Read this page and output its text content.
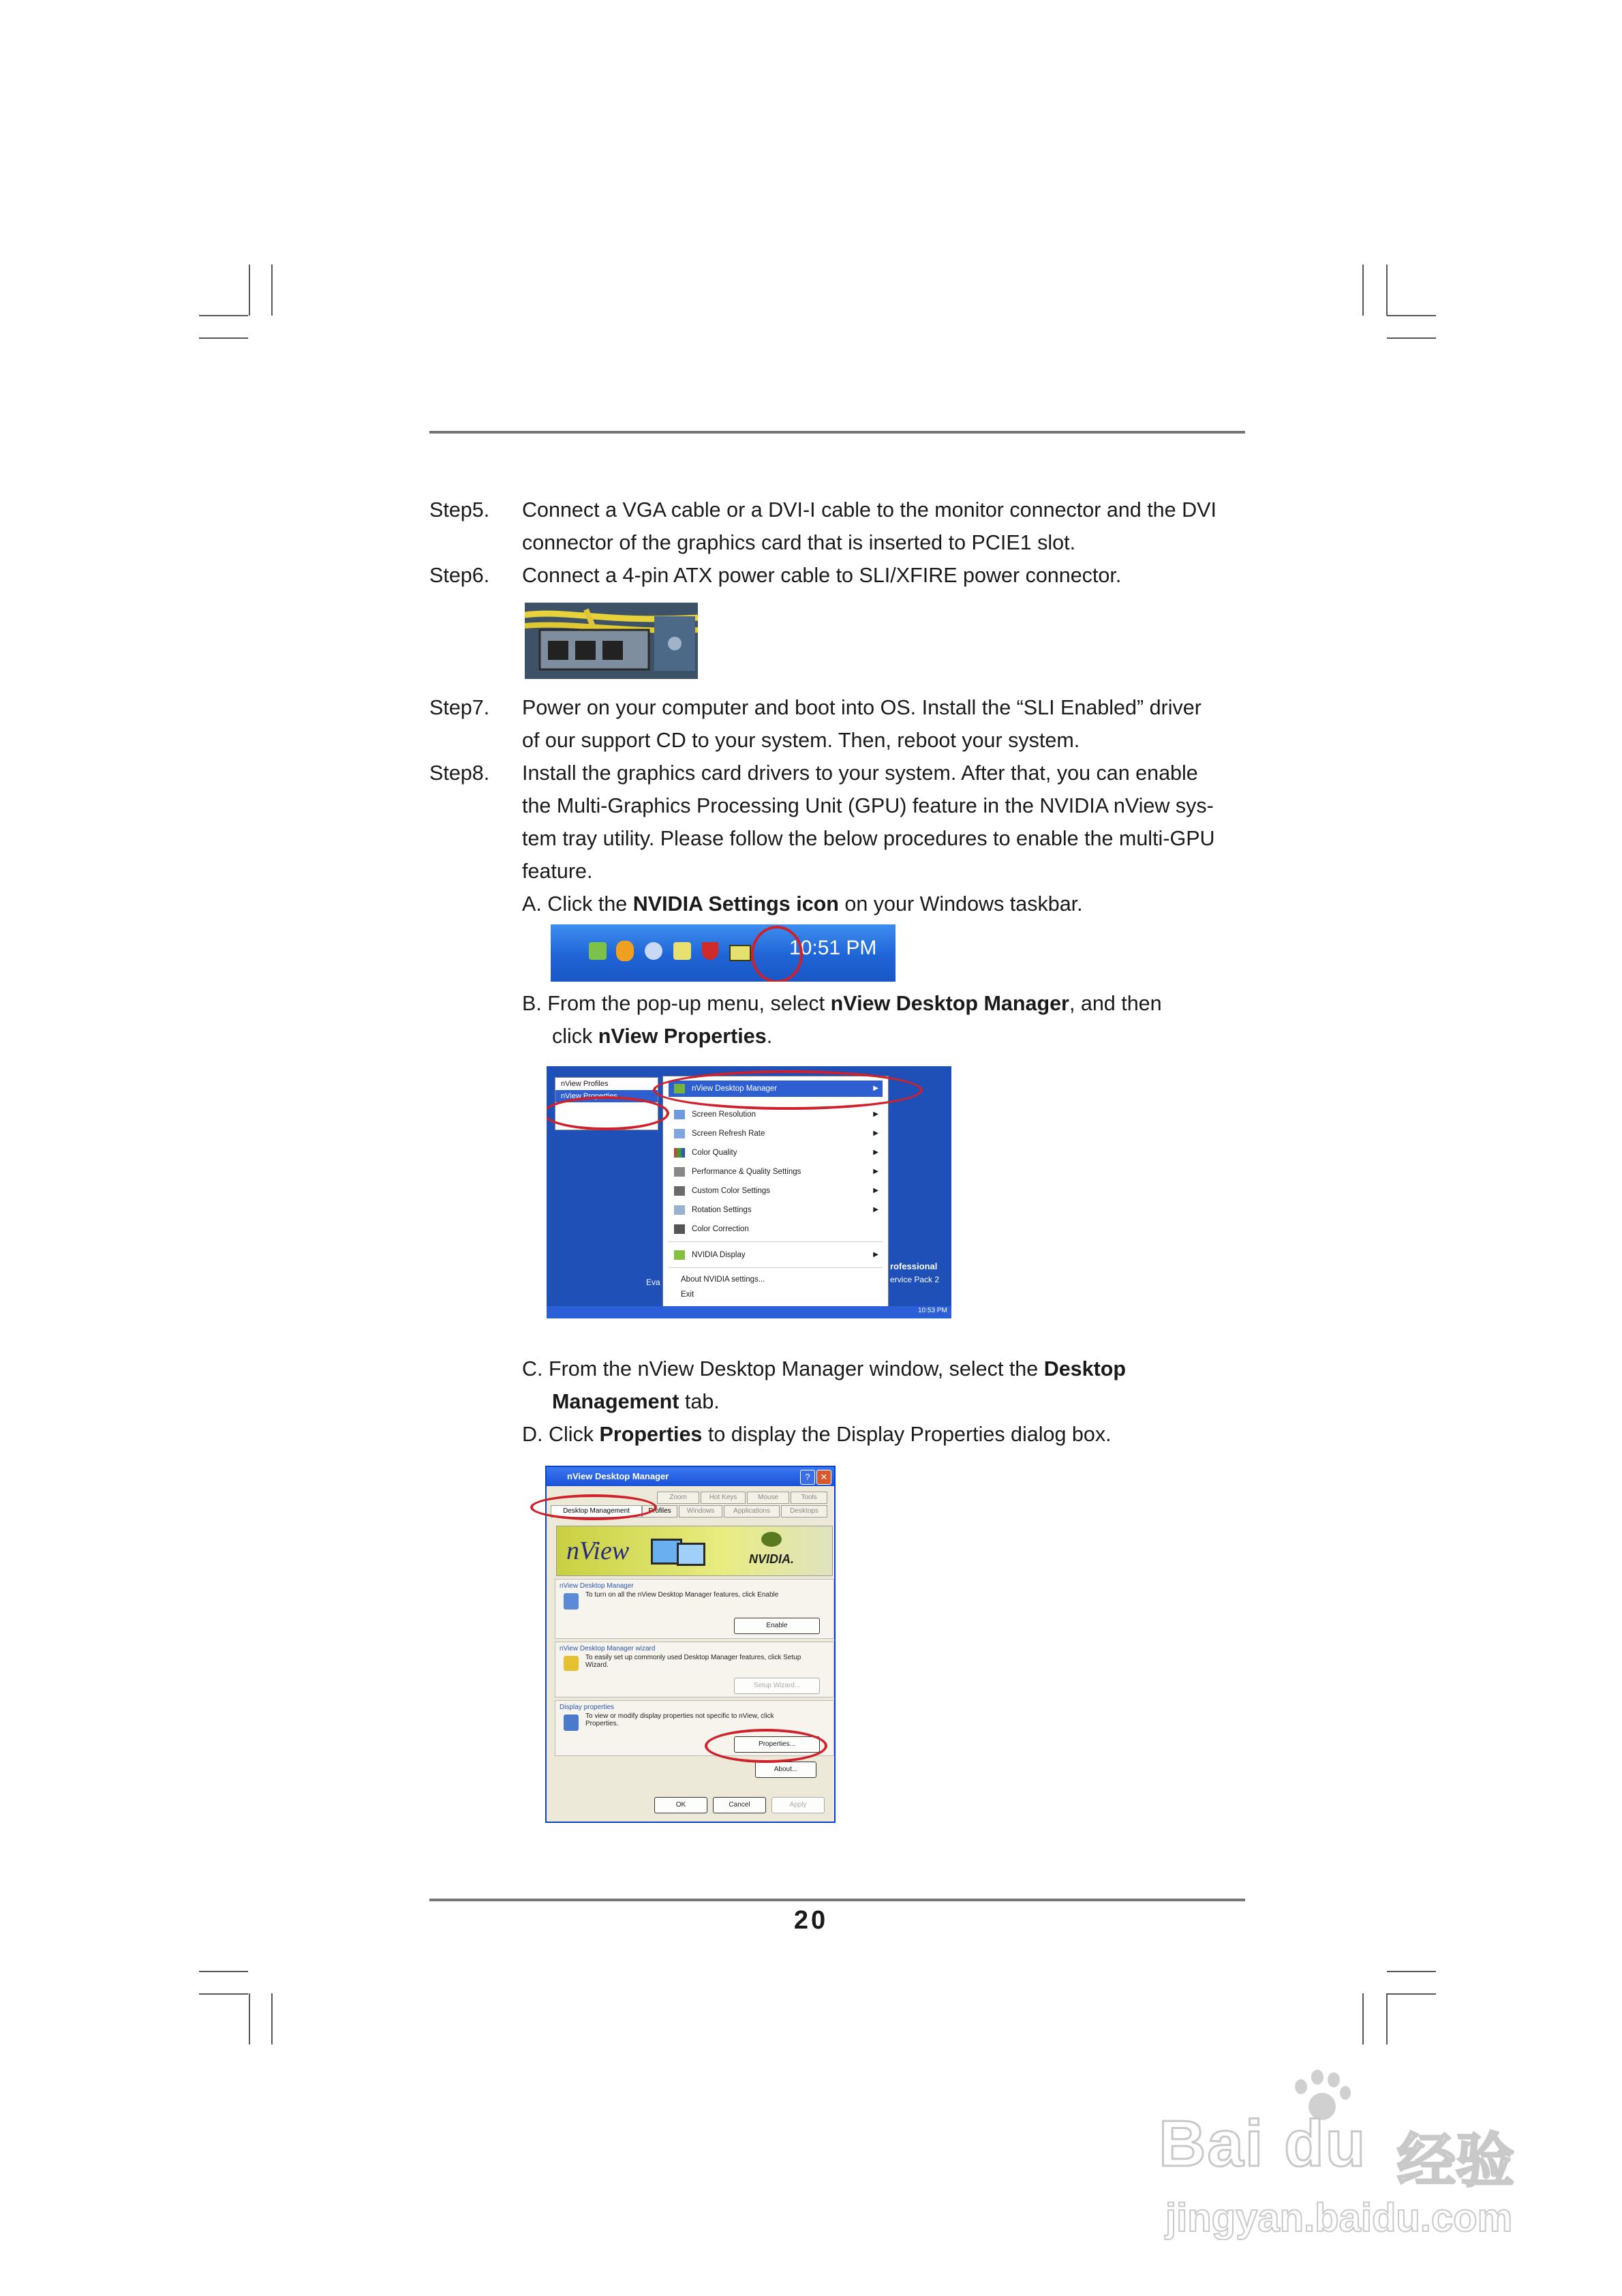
Step5. Connect a VGA cable or a DVI-I cable to the monitor connector and the DVI
connector of the graphics card that is inserted to PCIE1 slot.
Step6. Connect a 4-pin ATX power cable to SLI/XFIRE power connector.
Step7. Power on your computer and boot into OS. Install the “SLI Enabled” driver
of our support CD to your system. Then, reboot your system.
Step8. Install the graphics card drivers to your system. After that, you can enable
the Multi-Graphics Processing Unit (GPU) feature in the NVIDIA nView sys-
tem tray utility. Please follow the below procedures to enable the multi-GPU
feature.
A. Click the NVIDIA Settings icon on your Windows taskbar.
10:51 PM
B. From the pop-up menu, select nView Desktop Manager, and then
click nView Properties.
nView Profiles
nView Properties
nView Desktop Manager	▶
Screen Resolution	▶
Screen Refresh Rate	▶
Color Quality	▶
Performance & Quality Settings	▶
Custom Color Settings	▶
Rotation Settings	▶
Color Correction
NVIDIA Display	▶
About NVIDIA settings...
Exit
rofessional
ervice Pack 2
Eva
10:53 PM
C. From the nView Desktop Manager window, select the Desktop
Management tab.
D. Click Properties to display the Display Properties dialog box.
nView Desktop Manager	?	✕
Zoom	Hot Keys	Mouse	Tools
Desktop Management	Profiles	Windows	Applications	Desktops
nView	NVIDIA.
nView Desktop Manager
To turn on all the nView Desktop Manager features, click Enable
Enable
nView Desktop Manager wizard
To easily set up commonly used Desktop Manager features, click Setup Wizard.
Setup Wizard...
Display properties
To view or modify display properties not specific to nView, click Properties.
Properties...
About...
OK	Cancel	Apply
20
Bai du 经验
jingyan.baidu.com
